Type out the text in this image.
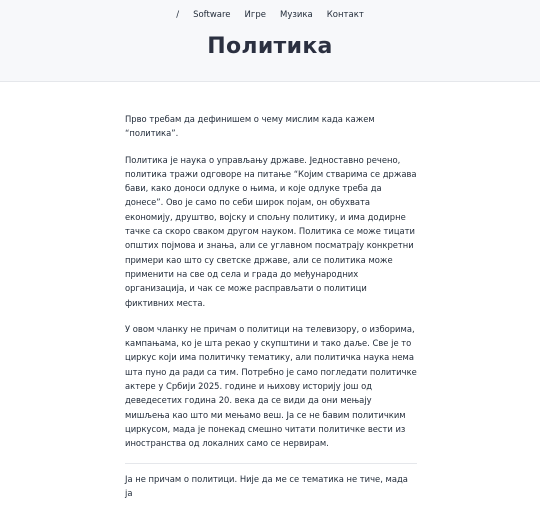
/ Software Игре Музика Контакт
Политика

Прво требам да дефинишем о чему мислим када кажем “политика”.

Политика је наука о управљању државе. Једноставно речено, политика тражи одговоре на питање “Којим стварима се држава бави, како доноси одлуке о њима, и које одлуке треба да донесе”. Ово је само по себи широк појам, он обухвата економију, друштво, војску и спољну политику, и има додирне тачке са скоро сваком другом науком. Политика се може тицати општих појмова и знања, али се углавном посматрају конкретни примери као што су светске државе, али се политика може применити на све од села и града до међународних организација, и чак се може расправљати о политици фиктивних места.

У овом чланку не причам о политици на телевизору, о изборима, кампањама, ко је шта рекао у скупштини и тако даље. Све је то циркус који има политичку тематику, али политичка наука нема шта пуно да ради са тим. Потребно је само погледати политичке актере у Србији 2025. године и њихову историју још од деведесетих година 20. века да се види да они мењају мишљења као што ми мењамо веш. Ја се не бавим политичким циркусом, мада је понекад смешно читати политичке вести из иностранства од локалних само се нервирам.

Ја не причам о политици. Није да ме се тематика не тиче, мада ја
